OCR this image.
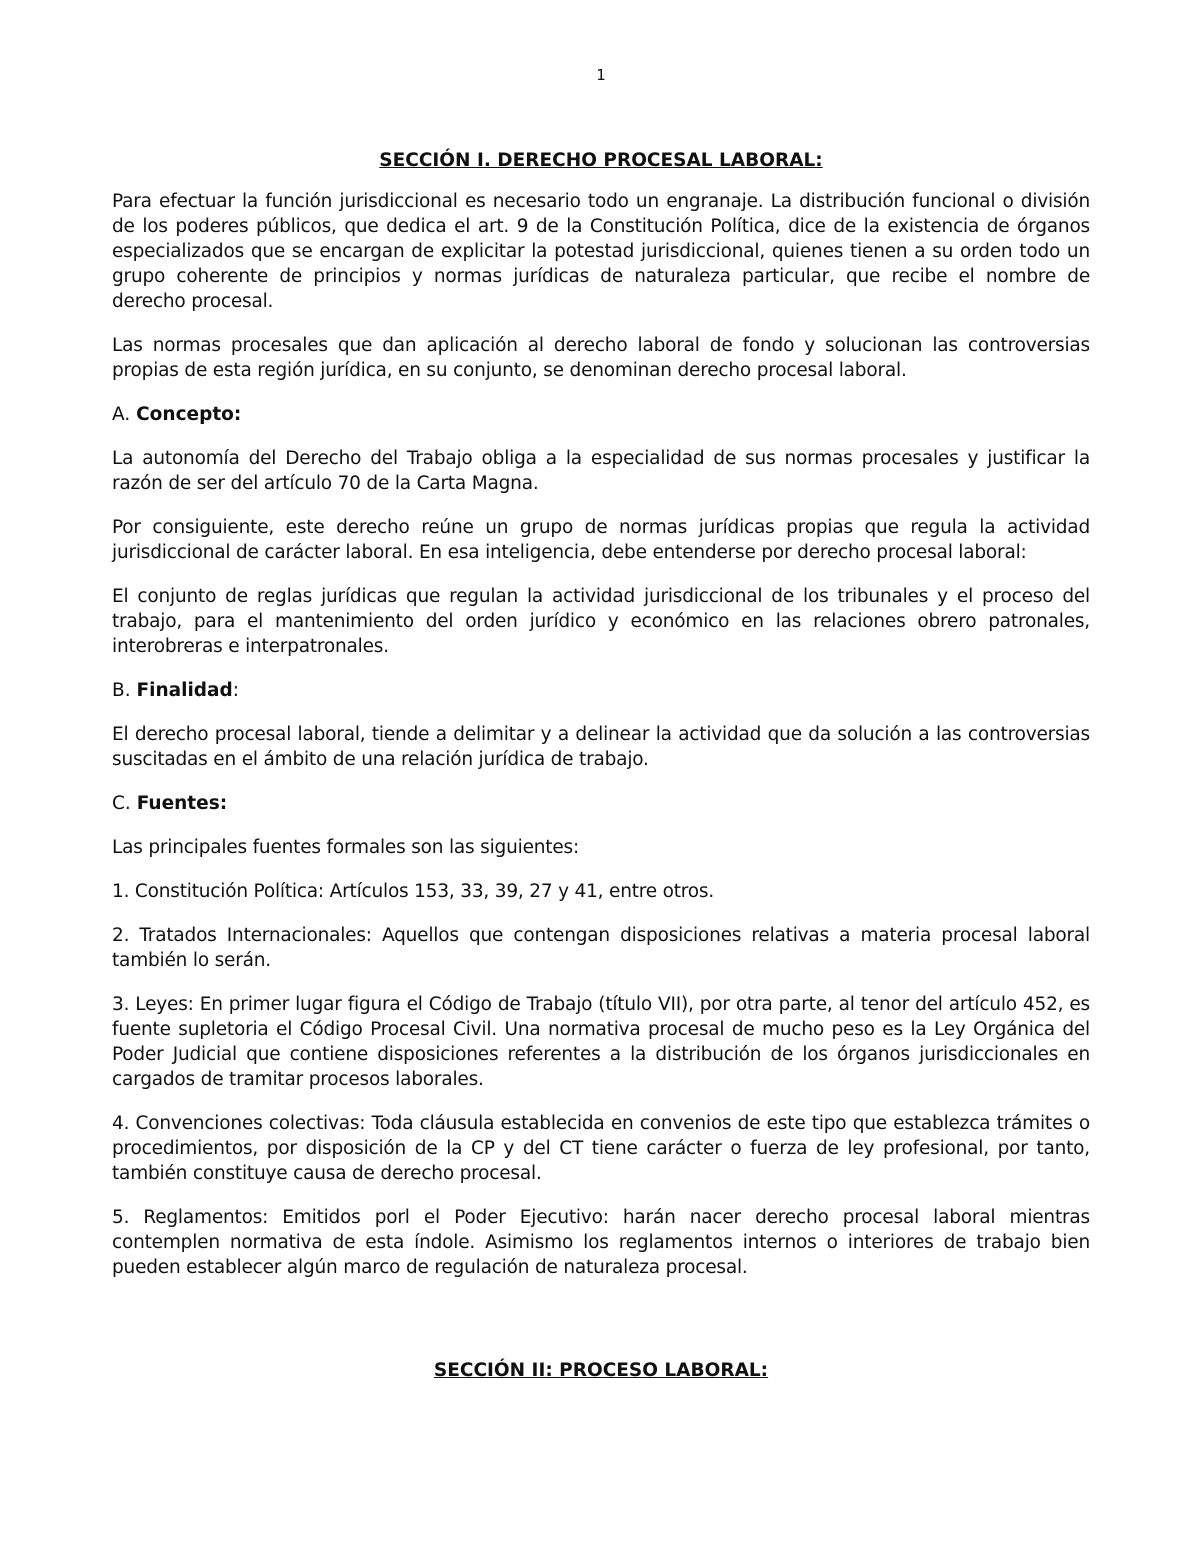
1
SECCIÓN I. DERECHO PROCESAL LABORAL:

Para efectuar la función jurisdiccional es necesario todo un engranaje. La distribución funcional o división de los poderes públicos, que dedica el art. 9 de la Constitución Política, dice de la existencia de órganos especializados que se encargan de explicitar la potestad jurisdiccional, quienes tienen a su orden todo un grupo coherente de principios y normas jurídicas de naturaleza particular, que recibe el nombre de derecho procesal.

Las normas procesales que dan aplicación al derecho laboral de fondo y solucionan las controversias propias de esta región jurídica, en su conjunto, se denominan derecho procesal laboral.

A. Concepto:

La autonomía del Derecho del Trabajo obliga a la especialidad de sus normas procesales y justificar la razón de ser del artículo 70 de la Carta Magna.

Por consiguiente, este derecho reúne un grupo de normas jurídicas propias que regula la actividad jurisdiccional de carácter laboral. En esa inteligencia, debe entenderse por derecho procesal laboral:

El conjunto de reglas jurídicas que regulan la actividad jurisdiccional de los tribunales y el proceso del trabajo, para el mantenimiento del orden jurídico y económico en las relaciones obrero patronales, interobreras e interpatronales.

B. Finalidad:

El derecho procesal laboral, tiende a delimitar y a delinear la actividad que da solución a las controversias suscitadas en el ámbito de una relación jurídica de trabajo.

C. Fuentes:

Las principales fuentes formales son las siguientes:

1. Constitución Política: Artículos 153, 33, 39, 27 y 41, entre otros.

2. Tratados Internacionales: Aquellos que contengan disposiciones relativas a materia procesal laboral también lo serán.

3. Leyes: En primer lugar figura el Código de Trabajo (título VII), por otra parte, al tenor del artículo 452, es fuente supletoria el Código Procesal Civil. Una normativa procesal de mucho peso es la Ley Orgánica del Poder Judicial que contiene disposiciones referentes a la distribución de los órganos jurisdiccionales en cargados de tramitar procesos laborales.

4. Convenciones colectivas: Toda cláusula establecida en convenios de este tipo que establezca trámites o procedimientos, por disposición de la CP y del CT tiene carácter o fuerza de ley profesional, por tanto, también constituye causa de derecho procesal.

5. Reglamentos: Emitidos porl el Poder Ejecutivo: harán nacer derecho procesal laboral mientras contemplen normativa de esta índole. Asimismo los reglamentos internos o interiores de trabajo bien pueden establecer algún marco de regulación de naturaleza procesal.

SECCIÓN II: PROCESO LABORAL:
